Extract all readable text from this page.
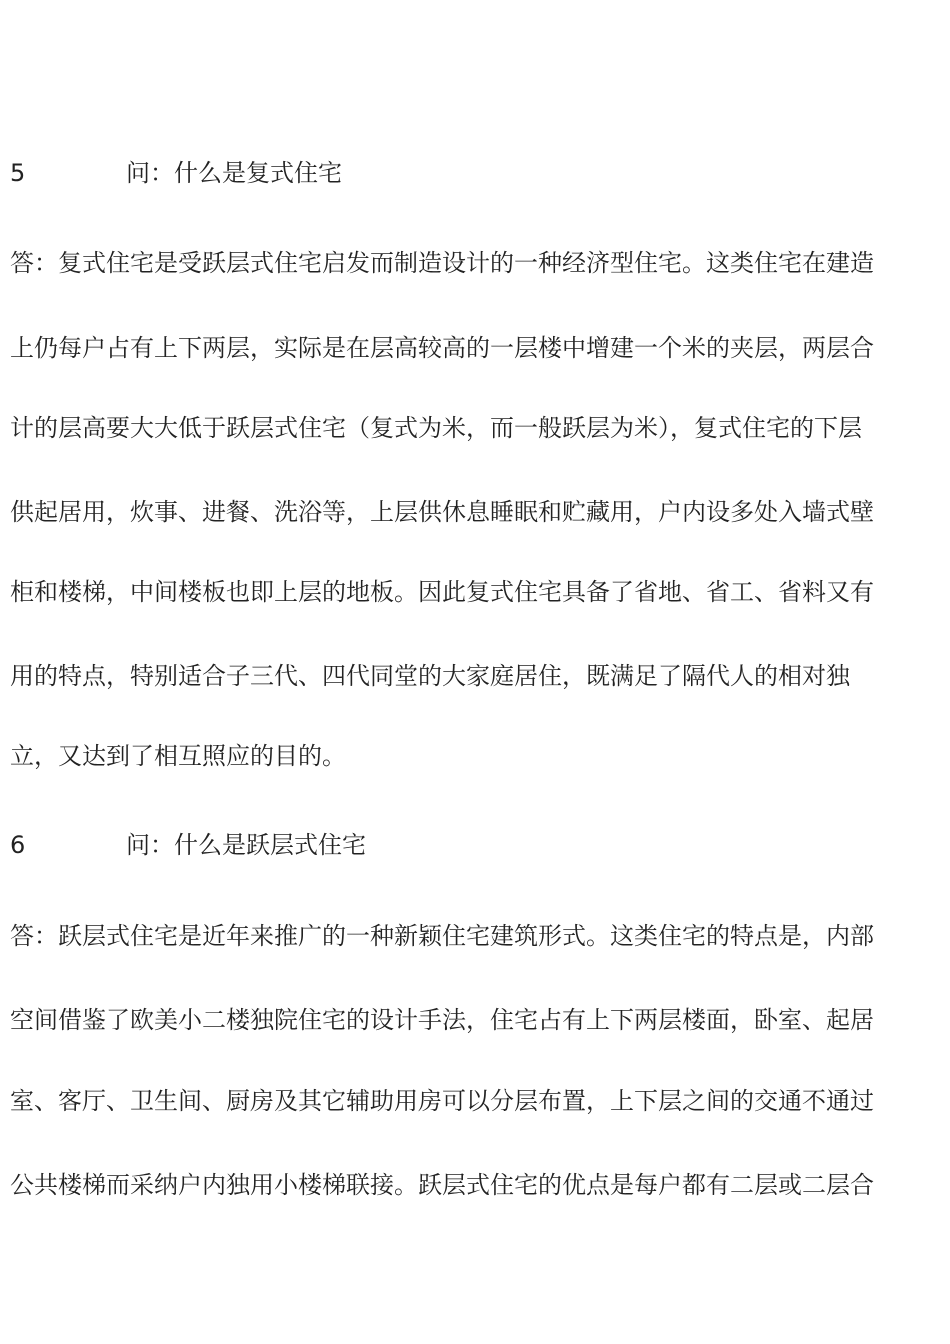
5	问：什么是复式住宅
答：复式住宅是受跃层式住宅启发而制造设计的一种经济型住宅。这类住宅在建造
上仍每户占有上下两层，实际是在层高较高的一层楼中增建一个米的夹层，两层合
计的层高要大大低于跃层式住宅（复式为米，而一般跃层为米），复式住宅的下层
供起居用，炊事、进餐、洗浴等，上层供休息睡眠和贮藏用，户内设多处入墙式壁
柜和楼梯，中间楼板也即上层的地板。因此复式住宅具备了省地、省工、省料又有
用的特点，特别适合子三代、四代同堂的大家庭居住，既满足了隔代人的相对独
立，又达到了相互照应的目的。
6	问：什么是跃层式住宅
答：跃层式住宅是近年来推广的一种新颖住宅建筑形式。这类住宅的特点是，内部
空间借鉴了欧美小二楼独院住宅的设计手法，住宅占有上下两层楼面，卧室、起居
室、客厅、卫生间、厨房及其它辅助用房可以分层布置，上下层之间的交通不通过
公共楼梯而采纳户内独用小楼梯联接。跃层式住宅的优点是每户都有二层或二层合
